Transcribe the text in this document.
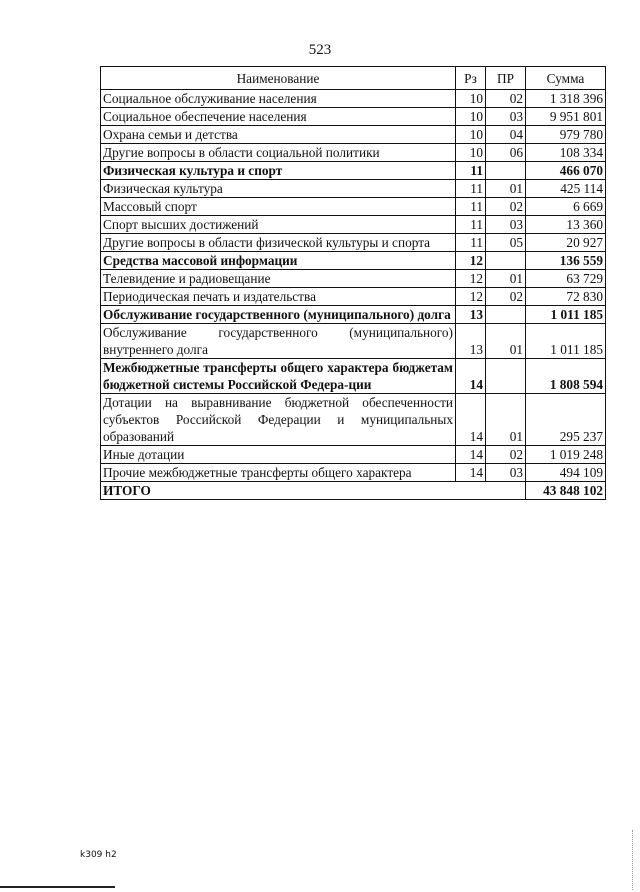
523
Наименование	Рз	ПР	Сумма
Социальное обслуживание населения	10	02	1 318 396
Социальное обеспечение населения	10	03	9 951 801
Охрана семьи и детства	10	04	979 780
Другие вопросы в области социальной политики	10	06	108 334
Физическая культура и спорт	11		466 070
Физическая культура	11	01	425 114
Массовый спорт	11	02	6 669
Спорт высших достижений	11	03	13 360
Другие вопросы в области физической культуры и спорта	11	05	20 927
Средства массовой информации	12		136 559
Телевидение и радиовещание	12	01	63 729
Периодическая печать и издательства	12	02	72 830
Обслуживание государственного (муниципального) долга	13		1 011 185
Обслуживание государственного (муниципального) внутреннего долга	13	01	1 011 185
Межбюджетные трансферты общего характера бюджетам бюджетной системы Российской Федера-ции	14		1 808 594
Дотации на выравнивание бюджетной обеспеченности субъектов Российской Федерации и муниципальных образований	14	01	295 237
Иные дотации	14	02	1 019 248
Прочие межбюджетные трансферты общего характера	14	03	494 109
ИТОГО			43 848 102
k309 h2
